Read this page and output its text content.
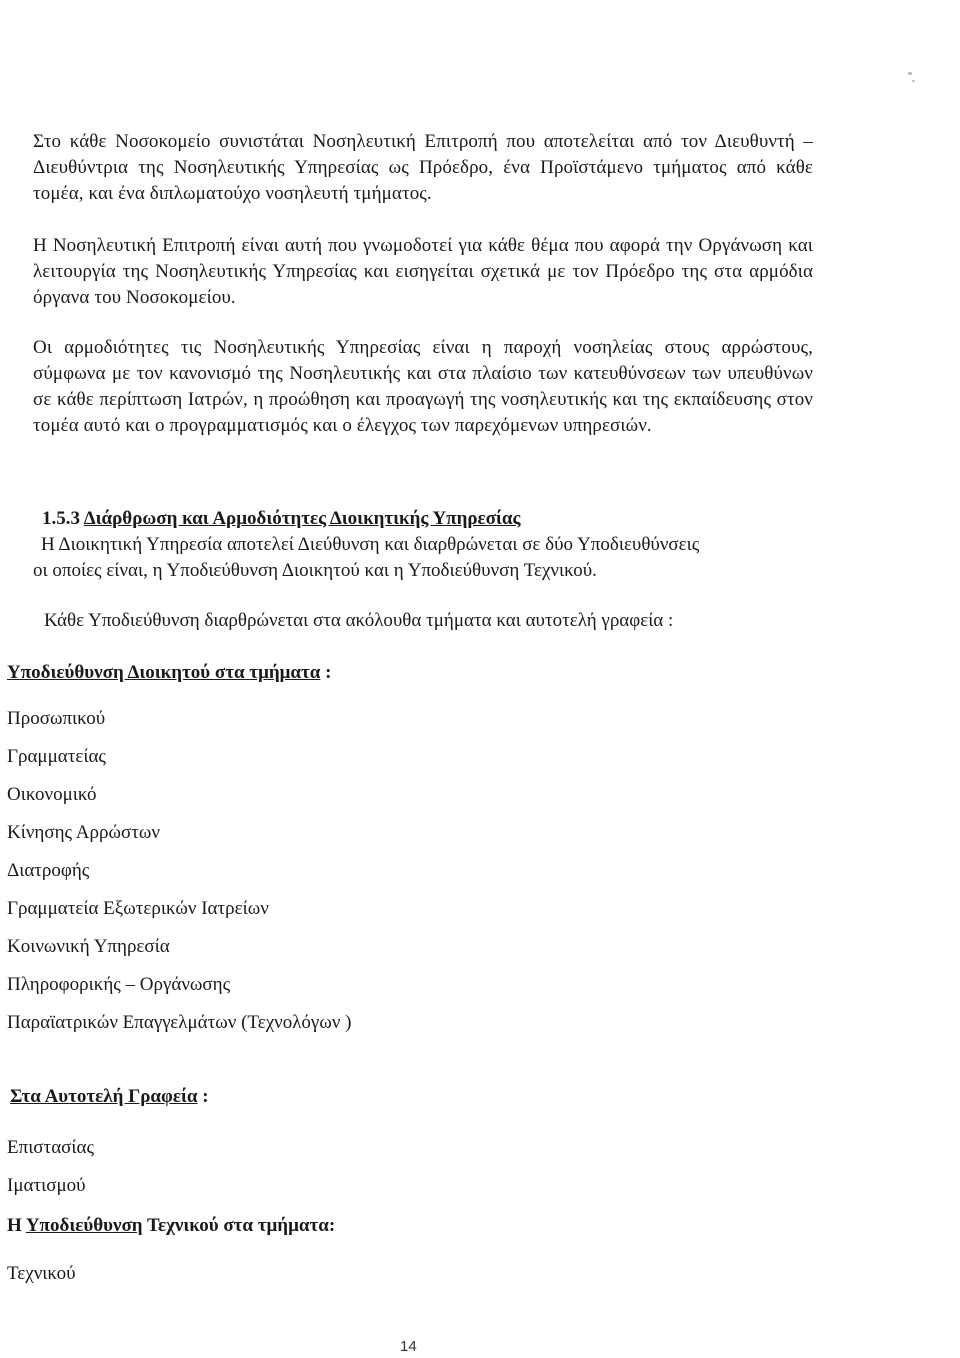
Στο κάθε Νοσοκομείο συνιστάται Νοσηλευτική Επιτροπή που αποτελείται από τον Διευθυντή – Διευθύντρια της Νοσηλευτικής Υπηρεσίας ως Πρόεδρο, ένα Προϊστάμενο τμήματος από κάθε τομέα, και ένα διπλωματούχο νοσηλευτή τμήματος.

Η Νοσηλευτική Επιτροπή είναι αυτή που γνωμοδοτεί για κάθε θέμα που αφορά την Οργάνωση και λειτουργία της Νοσηλευτικής Υπηρεσίας και εισηγείται σχετικά με τον Πρόεδρο της στα αρμόδια όργανα του Νοσοκομείου.

Οι αρμοδιότητες τις Νοσηλευτικής Υπηρεσίας είναι η παροχή νοσηλείας στους αρρώστους, σύμφωνα με τον κανονισμό της Νοσηλευτικής και στα πλαίσιο των κατευθύνσεων των υπευθύνων σε κάθε περίπτωση Ιατρών, η προώθηση και προαγωγή της νοσηλευτικής και της εκπαίδευσης στον τομέα αυτό και ο προγραμματισμός και ο έλεγχος των παρεχόμενων υπηρεσιών.

1.5.3 Διάρθρωση και Αρμοδιότητες Διοικητικής Υπηρεσίας
Η Διοικητική Υπηρεσία αποτελεί Διεύθυνση και διαρθρώνεται σε δύο Υποδιευθύνσεις
οι οποίες είναι, η Υποδιεύθυνση Διοικητού και η Υποδιεύθυνση Τεχνικού.
Κάθε Υποδιεύθυνση διαρθρώνεται στα ακόλουθα τμήματα και αυτοτελή γραφεία :
Υποδιεύθυνση Διοικητού στα τμήματα :
Προσωπικού
Γραμματείας
Οικονομικό
Κίνησης Αρρώστων
Διατροφής
Γραμματεία Εξωτερικών Ιατρείων
Κοινωνική Υπηρεσία
Πληροφορικής – Οργάνωσης
Παραϊατρικών Επαγγελμάτων (Τεχνολόγων )
Στα Αυτοτελή Γραφεία :
Επιστασίας
Ιματισμού
Η Υποδιεύθυνση Τεχνικού στα τμήματα:
Τεχνικού
14
